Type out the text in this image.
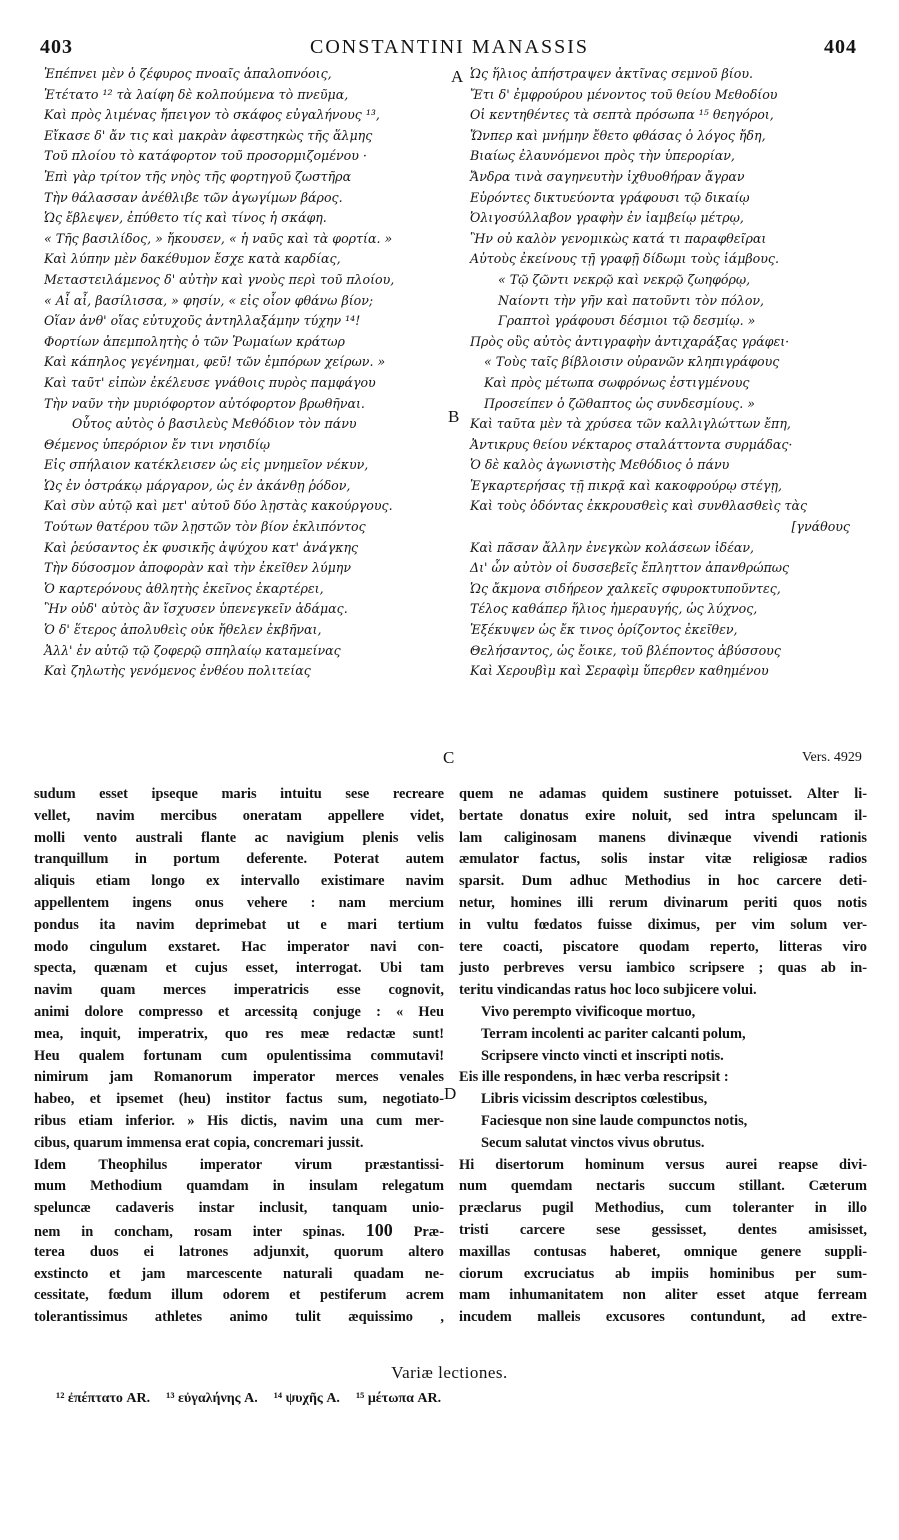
403	CONSTANTINI MANASSIS	404
A
B
C
D
Ἐπέπνει μὲν ὁ ζέφυρος πνοαῖς ἁπαλοπνόοις,
Ἐτέτατο ¹² τὰ λαίφη δὲ κολπούμενα τὸ πνεῦμα,
Καὶ πρὸς λιμένας ἤπειγον τὸ σκάφος εὐγαλήνους ¹³,
Εἴκασε δ' ἄν τις καὶ μακρὰν ἀφεστηκὼς τῆς ἅλμης
Τοῦ πλοίου τὸ κατάφορτον τοῦ προσορμιζομένου ·
Ἐπὶ γὰρ τρίτον τῆς νηὸς τῆς φορτηγοῦ ζωστῆρα
Τὴν θάλασσαν ἀνέθλιβε τῶν ἀγωγίμων βάρος.
Ὡς ἔβλεψεν, ἐπύθετο τίς καὶ τίνος ἡ σκάφη.
« Τῆς βασιλίδος, » ἤκουσεν, « ἡ ναῦς καὶ τὰ φορτία. »
Καὶ λύπην μὲν δακέθυμον ἔσχε κατὰ καρδίας,
Μεταστειλάμενος δ' αὐτὴν καὶ γνοὺς περὶ τοῦ πλοίου,
« Αἶ αἶ, βασίλισσα, » φησίν, « εἰς οἷον φθάνω βίον;
Οἵαν ἀνθ' οἵας εὐτυχοῦς ἀντηλλαξάμην τύχην ¹⁴!
Φορτίων ἀπεμπολητὴς ὁ τῶν Ῥωμαίων κράτωρ
Καὶ κάπηλος γεγένημαι, φεῦ! τῶν ἐμπόρων χείρων. »
Καὶ ταῦτ' εἰπὼν ἐκέλευσε γνάθοις πυρὸς παμφάγου
Τὴν ναῦν τὴν μυριόφορτον αὐτόφορτον βρωθῆναι.
Οὗτος αὐτὸς ὁ βασιλεὺς Μεθόδιον τὸν πάνυ
Θέμενος ὑπερόριον ἔν τινι νησιδίῳ
Εἰς σπήλαιον κατέκλεισεν ὡς εἰς μνημεῖον νέκυν,
Ὡς ἐν ὀστράκῳ μάργαρον, ὡς ἐν ἀκάνθῃ ῥόδον,
Καὶ σὺν αὐτῷ καὶ μετ' αὐτοῦ δύο λῃστὰς κακούργους.
Τούτων θατέρου τῶν λῃστῶν τὸν βίον ἐκλιπόντος
Καὶ ῥεύσαντος ἐκ φυσικῆς ἀψύχου κατ' ἀνάγκης
Τὴν δύσοσμον ἀποφορὰν καὶ τὴν ἐκεῖθεν λύμην
Ὁ καρτερόνους ἀθλητὴς ἐκεῖνος ἐκαρτέρει,
Ἣν οὐδ' αὐτὸς ἂν ἴσχυσεν ὑπενεγκεῖν ἀδάμας.
Ὁ δ' ἕτερος ἀπολυθεὶς οὐκ ἤθελεν ἐκβῆναι,
Ἀλλ' ἐν αὐτῷ τῷ ζοφερῷ σπηλαίῳ καταμείνας
Καὶ ζηλωτὴς γενόμενος ἐνθέου πολιτείας
Ὡς ἥλιος ἀπήστραψεν ἀκτῖνας σεμνοῦ βίου.
Ἔτι δ' ἐμφρούρου μένοντος τοῦ θείου Μεθοδίου
Οἱ κεντηθέντες τὰ σεπτὰ πρόσωπα ¹⁵ θεηγόροι,
Ὥνπερ καὶ μνήμην ἔθετο φθάσας ὁ λόγος ἤδη,
Βιαίως ἐλαυνόμενοι πρὸς τὴν ὑπερορίαν,
Ἄνδρα τινὰ σαγηνευτὴν ἰχθυοθήραν ἄγραν
Εὑρόντες δικτυεύοντα γράφουσι τῷ δικαίῳ
Ὀλιγοσύλλαβον γραφὴν ἐν ἰαμβείῳ μέτρῳ,
Ἣν οὐ καλὸν γενομικὼς κατά τι παραφθεῖραι
Αὐτοὺς ἐκείνους τῇ γραφῇ δίδωμι τοὺς ἰάμβους.
« Τῷ ζῶντι νεκρῷ καὶ νεκρῷ ζωηφόρῳ,
Ναίοντι τὴν γῆν καὶ πατοῦντι τὸν πόλον,
Γραπτοὶ γράφουσι δέσμιοι τῷ δεσμίῳ. »
Πρὸς οὓς αὐτὸς ἀντιγραφὴν ἀντιχαράξας γράφει·
« Τοὺς ταῖς βίβλοισιν οὐρανῶν κληπιγράφους
Καὶ πρὸς μέτωπα σωφρόνως ἐστιγμένους
Προσείπεν ὁ ζῶθαπτος ὡς συνδεσμίους. »
Καὶ ταῦτα μὲν τὰ χρύσεα τῶν καλλιγλώττων ἔπη,
Ἀντικρυς θείου νέκταρος σταλάττοντα συρμάδας·
Ὁ δὲ καλὸς ἀγωνιστὴς Μεθόδιος ὁ πάνυ
Ἐγκαρτερήσας τῇ πικρᾷ καὶ κακοφρούρῳ στέγῃ,
Καὶ τοὺς ὀδόντας ἐκκρουσθεὶς καὶ συνθλασθεὶς τὰς
[γνάθους
Καὶ πᾶσαν ἄλλην ἐνεγκὼν κολάσεων ἰδέαν,
Δι' ὧν αὐτὸν οἱ δυσσεβεῖς ἔπληττον ἀπανθρώπως
Ὡς ἄκμονα σιδήρεον χαλκεῖς σφυροκτυποῦντες,
Τέλος καθάπερ ἥλιος ἡμεραυγής, ὡς λύχνος,
Ἐξέκυψεν ὡς ἔκ τινος ὁρίζοντος ἐκεῖθεν,
Θελήσαντος, ὡς ἔοικε, τοῦ βλέποντος ἀβύσσους
Καὶ Χερουβὶμ καὶ Σεραφὶμ ὕπερθεν καθημένου
Vers. 4929
sudum esset ipseque maris intuitu sese recreare
vellet, navim mercibus oneratam appellere videt,
molli vento australi flante ac navigium plenis velis
tranquillum in portum deferente. Poterat autem
aliquis etiam longo ex intervallo existimare navim
appellentem ingens onus vehere : nam mercium
pondus ita navim deprimebat ut e mari tertium
modo cingulum exstaret. Hac imperator navi con-
specta, quænam et cujus esset, interrogat. Ubi tam
navim quam merces imperatricis esse cognovit,
animi dolore compresso et arcessitą conjuge : « Heu
mea, inquit, imperatrix, quo res meæ redactæ sunt!
Heu qualem fortunam cum opulentissima commutavi!
nimirum jam Romanorum imperator merces venales
habeo, et ipsemet (heu) institor factus sum, negotiato-
ribus etiam inferior. » His dictis, navim una cum mer-
cibus, quarum immensa erat copia, concremari jussit.
Idem Theophilus imperator virum præstantissi-
mum Methodium quamdam in insulam relegatum
speluncæ cadaveris instar inclusit, tanquam unio-
nem in concham, rosam inter spinas. 100 Præ-
terea duos ei latrones adjunxit, quorum altero
exstincto et jam marcescente naturali quadam ne-
cessitate, fœdum illum odorem et pestiferum acrem
tolerantissimus athletes animo tulit æquissimo ,
quem ne adamas quidem sustinere potuisset. Alter li-
bertate donatus exire noluit, sed intra speluncam il-
lam caliginosam manens divinæque vivendi rationis
æmulator factus, solis instar vitæ religiosæ radios
sparsit. Dum adhuc Methodius in hoc carcere deti-
netur, homines illi rerum divinarum periti quos notis
in vultu fœdatos fuisse diximus, per vim solum ver-
tere coacti, piscatore quodam reperto, litteras viro
justo perbreves versu iambico scripsere ; quas ab in-
teritu vindicandas ratus hoc loco subjicere volui.
Vivo perempto vivificoque mortuo,
Terram incolenti ac pariter calcanti polum,
Scripsere vincto vincti et inscripti notis.
Eis ille respondens, in hæc verba rescripsit :
Libris vicissim descriptos cœlestibus,
Faciesque non sine laude compunctos notis,
Secum salutat vinctos vivus obrutus.
Hi disertorum hominum versus aurei reapse divi-
num quemdam nectaris succum stillant. Cæterum
præclarus pugil Methodius, cum toleranter in illo
tristi carcere sese gessisset, dentes amisisset,
maxillas contusas haberet, omnique genere suppli-
ciorum excruciatus ab impiis hominibus per sum-
mam inhumanitatem non aliter esset atque ferream
incudem malleis excusores contundunt, ad extre-
Variæ lectiones.
¹² ἐπέπτατο AR. ¹³ εὐγαλήνης A. ¹⁴ ψυχῆς A. ¹⁵ μέτωπα AR.
